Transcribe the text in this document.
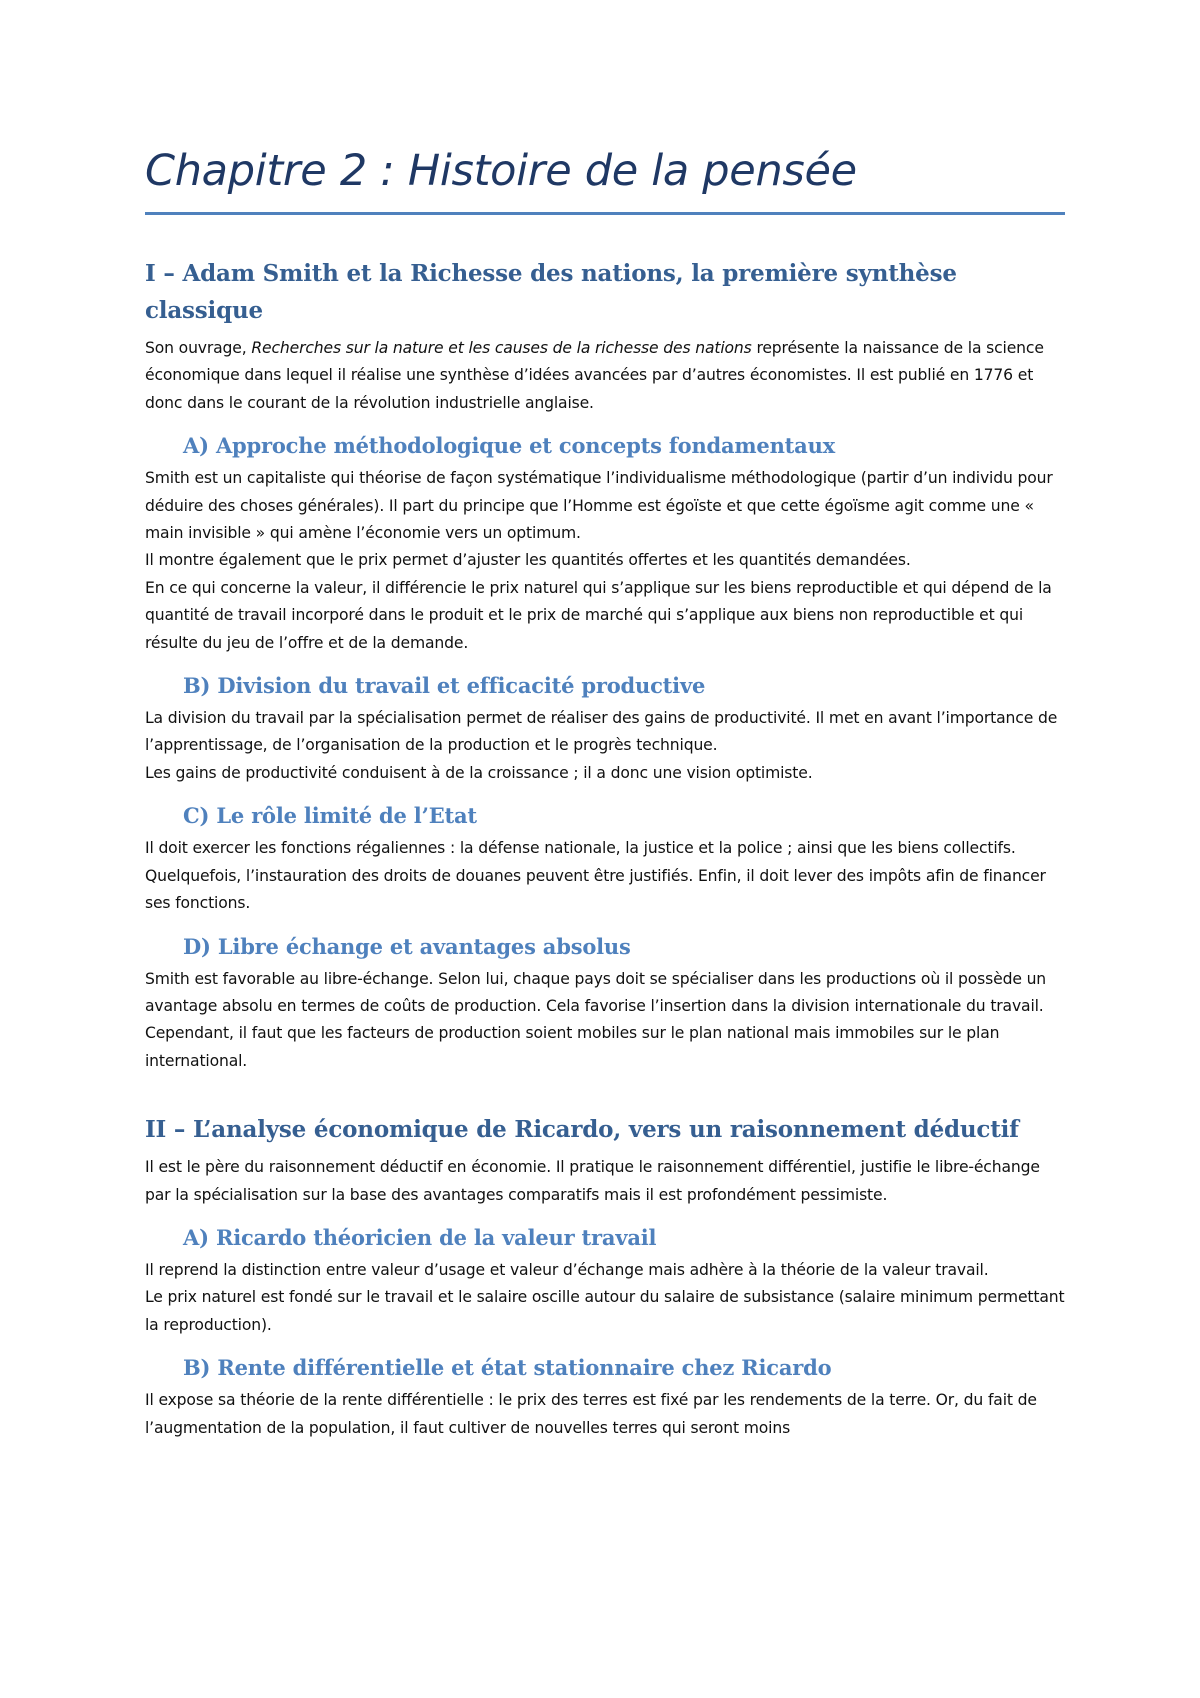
Chapitre 2 : Histoire de la pensée
I – Adam Smith et la Richesse des nations, la première synthèse classique

Son ouvrage, Recherches sur la nature et les causes de la richesse des nations représente la naissance de la science économique dans lequel il réalise une synthèse d’idées avancées par d’autres économistes. Il est publié en 1776 et donc dans le courant de la révolution industrielle anglaise.

A) Approche méthodologique et concepts fondamentaux

Smith est un capitaliste qui théorise de façon systématique l’individualisme méthodologique (partir d’un individu pour déduire des choses générales). Il part du principe que l’Homme est égoïste et que cette égoïsme agit comme une « main invisible » qui amène l’économie vers un optimum.

Il montre également que le prix permet d’ajuster les quantités offertes et les quantités demandées.

En ce qui concerne la valeur, il différencie le prix naturel qui s’applique sur les biens reproductible et qui dépend de la quantité de travail incorporé dans le produit et le prix de marché qui s’applique aux biens non reproductible et qui résulte du jeu de l’offre et de la demande.

B) Division du travail et efficacité productive

La division du travail par la spécialisation permet de réaliser des gains de productivité. Il met en avant l’importance de l’apprentissage, de l’organisation de la production et le progrès technique.

Les gains de productivité conduisent à de la croissance ; il a donc une vision optimiste.

C) Le rôle limité de l’Etat

Il doit exercer les fonctions régaliennes : la défense nationale, la justice et la police ; ainsi que les biens collectifs. Quelquefois, l’instauration des droits de douanes peuvent être justifiés. Enfin, il doit lever des impôts afin de financer ses fonctions.

D) Libre échange et avantages absolus

Smith est favorable au libre-échange. Selon lui, chaque pays doit se spécialiser dans les productions où il possède un avantage absolu en termes de coûts de production. Cela favorise l’insertion dans la division internationale du travail. Cependant, il faut que les facteurs de production soient mobiles sur le plan national mais immobiles sur le plan international.

II – L’analyse économique de Ricardo, vers un raisonnement déductif

Il est le père du raisonnement déductif en économie. Il pratique le raisonnement différentiel, justifie le libre-échange par la spécialisation sur la base des avantages comparatifs mais il est profondément pessimiste.

A) Ricardo théoricien de la valeur travail

Il reprend la distinction entre valeur d’usage et valeur d’échange mais adhère à la théorie de la valeur travail.

Le prix naturel est fondé sur le travail et le salaire oscille autour du salaire de subsistance (salaire minimum permettant la reproduction).

B) Rente différentielle et état stationnaire chez Ricardo

Il expose sa théorie de la rente différentielle : le prix des terres est fixé par les rendements de la terre. Or, du fait de l’augmentation de la population, il faut cultiver de nouvelles terres qui seront moins
